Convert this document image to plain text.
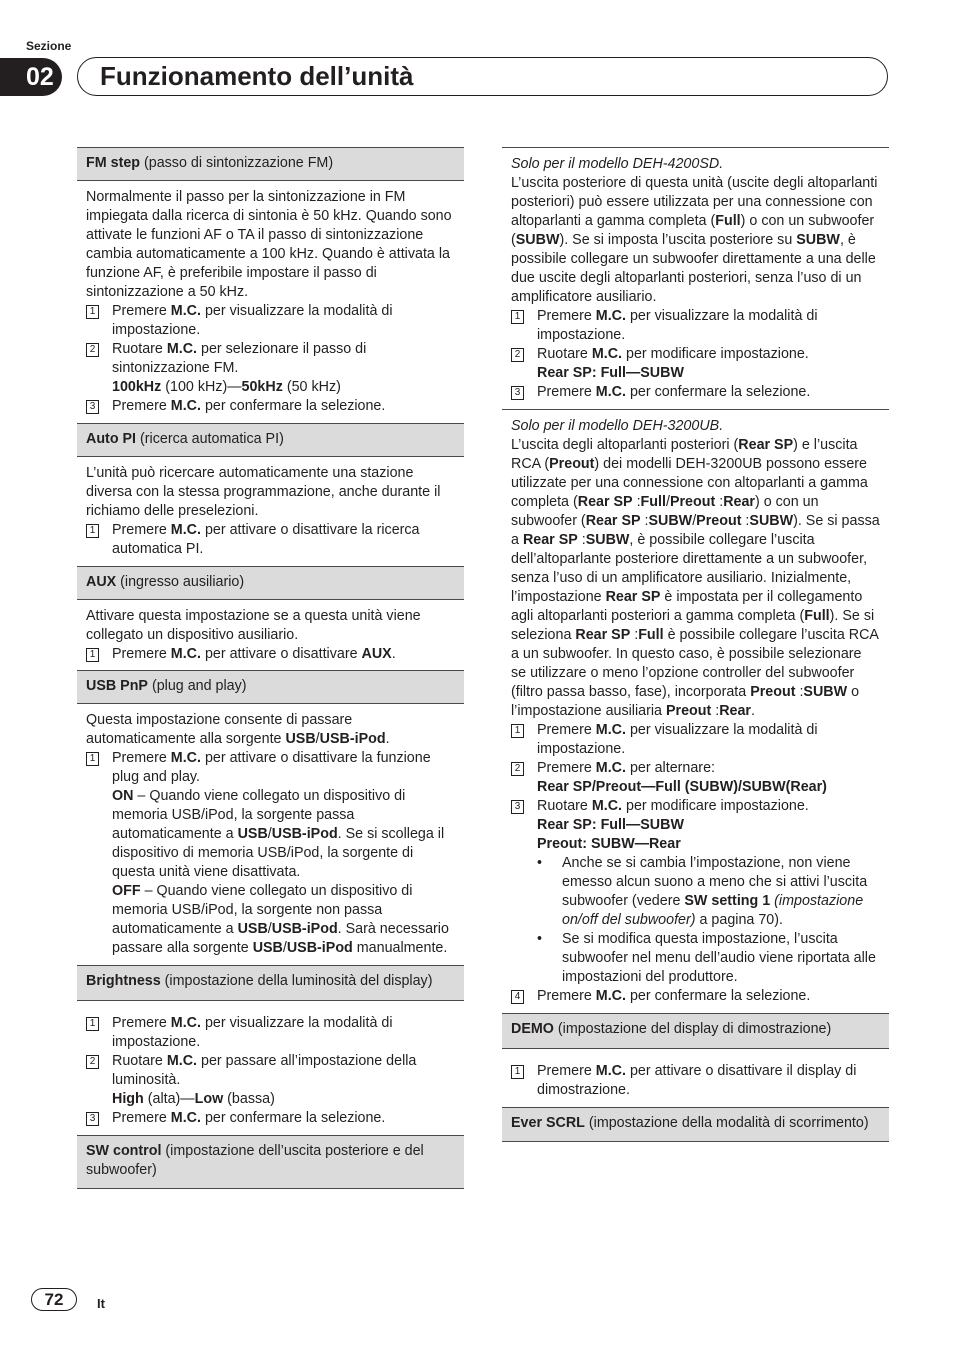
Sezione
02	Funzionamento dell’unità
FM step (passo di sintonizzazione FM)

Normalmente il passo per la sintonizzazione in FM impiegata dalla ricerca di sintonia è 50 kHz. Quando sono attivate le funzioni AF o TA il passo di sintonizzazione cambia automaticamente a 100 kHz. Quando è attivata la funzione AF, è preferibile impostare il passo di sintonizzazione a 50 kHz.

1 Premere M.C. per visualizzare la modalità di impostazione.
2 Ruotare M.C. per selezionare il passo di sintonizzazione FM.
100kHz (100 kHz)—50kHz (50 kHz)
3 Premere M.C. per confermare la selezione.
Auto PI (ricerca automatica PI)

L’unità può ricercare automaticamente una stazione diversa con la stessa programmazione, anche durante il richiamo delle preselezioni.

1 Premere M.C. per attivare o disattivare la ricerca automatica PI.
AUX (ingresso ausiliario)

Attivare questa impostazione se a questa unità viene collegato un dispositivo ausiliario.

1 Premere M.C. per attivare o disattivare AUX.
USB PnP (plug and play)

Questa impostazione consente di passare automaticamente alla sorgente USB/USB-iPod.

1 Premere M.C. per attivare o disattivare la funzione plug and play.
ON – Quando viene collegato un dispositivo di memoria USB/iPod, la sorgente passa automaticamente a USB/USB-iPod. Se si scollega il dispositivo di memoria USB/iPod, la sorgente di questa unità viene disattivata.
OFF – Quando viene collegato un dispositivo di memoria USB/iPod, la sorgente non passa automaticamente a USB/USB-iPod. Sarà necessario passare alla sorgente USB/USB-iPod manualmente.
Brightness (impostazione della luminosità del display)
1 Premere M.C. per visualizzare la modalità di impostazione.
2 Ruotare M.C. per passare all’impostazione della luminosità.
High (alta)—Low (bassa)
3 Premere M.C. per confermare la selezione.
SW control (impostazione dell’uscita posteriore e del subwoofer)

Solo per il modello DEH-4200SD.

L’uscita posteriore di questa unità (uscite degli altoparlanti posteriori) può essere utilizzata per una connessione con altoparlanti a gamma completa (Full) o con un subwoofer (SUBW). Se si imposta l’uscita posteriore su SUBW, è possibile collegare un subwoofer direttamente a una delle due uscite degli altoparlanti posteriori, senza l’uso di un amplificatore ausiliario.

1 Premere M.C. per visualizzare la modalità di impostazione.
2 Ruotare M.C. per modificare impostazione.
Rear SP: Full—SUBW
3 Premere M.C. per confermare la selezione.

Solo per il modello DEH-3200UB.

L’uscita degli altoparlanti posteriori (Rear SP) e l’uscita RCA (Preout) dei modelli DEH-3200UB possono essere utilizzate per una connessione con altoparlanti a gamma completa (Rear SP :Full/Preout :Rear) o con un subwoofer (Rear SP :SUBW/Preout :SUBW). Se si passa a Rear SP :SUBW, è possibile collegare l’uscita dell’altoparlante posteriore direttamente a un subwoofer, senza l’uso di un amplificatore ausiliario. Inizialmente, l’impostazione Rear SP è impostata per il collegamento agli altoparlanti posteriori a gamma completa (Full). Se si seleziona Rear SP :Full è possibile collegare l’uscita RCA a un subwoofer. In questo caso, è possibile selezionare se utilizzare o meno l’opzione controller del subwoofer (filtro passa basso, fase), incorporata Preout :SUBW o l’impostazione ausiliaria Preout :Rear.

1 Premere M.C. per visualizzare la modalità di impostazione.
2 Premere M.C. per alternare:
Rear SP/Preout—Full (SUBW)/SUBW(Rear)
3 Ruotare M.C. per modificare impostazione.
Rear SP: Full—SUBW
Preout: SUBW—Rear
•	Anche se si cambia l’impostazione, non viene emesso alcun suono a meno che si attivi l’uscita subwoofer (vedere SW setting 1 (impostazione on/off del subwoofer) a pagina 70).
•	Se si modifica questa impostazione, l’uscita subwoofer nel menu dell’audio viene riportata alle impostazioni del produttore.
4 Premere M.C. per confermare la selezione.
DEMO (impostazione del display di dimostrazione)
1 Premere M.C. per attivare o disattivare il display di dimostrazione.
Ever SCRL (impostazione della modalità di scorrimento)
72	It
